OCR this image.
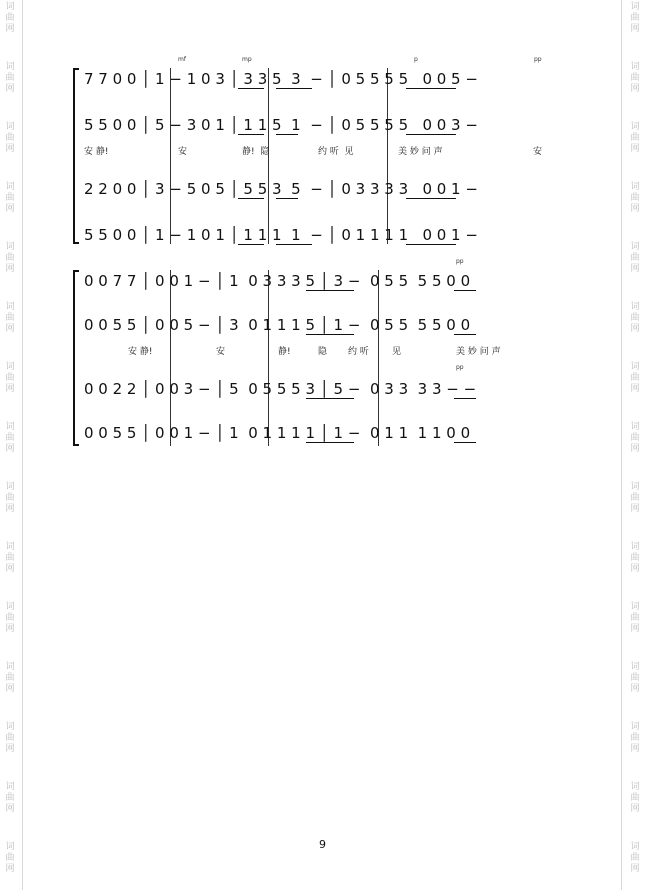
词
曲
网
词
曲
网
词
曲
网
词
曲
网
词
曲
网
词
曲
网
词
曲
网
词
曲
网
词
曲
网
词
曲
网
词
曲
网
词
曲
网
词
曲
网
词
曲
网
词
曲
网
词
曲
网
词
曲
网
词
曲
网
词
曲
网
词
曲
网
词
曲
网
词
曲
网
词
曲
网
词
曲
网
词
曲
网
词
曲
网
词
曲
网
词
曲
网
词
曲
网
词
曲
网
mf	mp	p	pp
7 7 0 0 │ 1 − 1 0 3 │ 3 3 5  3  − │ 0 5 5 5 5   0 0 5 −
5 5 0 0 │ 5 − 3 0 1 │ 1 1 5  1  − │ 0 5 5 5 5   0 0 3 −
安 静!	安	静!  隐	约 听  见	美 妙 问 声	安
2 2 0 0 │ 3 − 5 0 5 │ 5 5 3  5  − │ 0 3 3 3 3   0 0 1 −
5 5 0 0 │ 1 − 1 0 1 │ 1 1 1  1  − │ 0 1 1 1 1   0 0 1 −
pp
pp
0 0 7 7 │ 0 0 1 − │ 1  0 3 3 3 5 │ 3 −  0 5 5  5 5 0 0
0 0 5 5 │ 0 0 5 − │ 3  0 1 1 1 5 │ 1 −  0 5 5  5 5 0 0
安 静!	安	静!	隐 约 听	见	美 妙 问 声
0 0 2 2 │ 0 0 3 − │ 5  0 5 5 5 3 │ 5 −  0 3 3  3 3 − −
0 0 5 5 │ 0 0 1 − │ 1  0 1 1 1 1 │ 1 −  0 1 1  1 1 0 0
9
